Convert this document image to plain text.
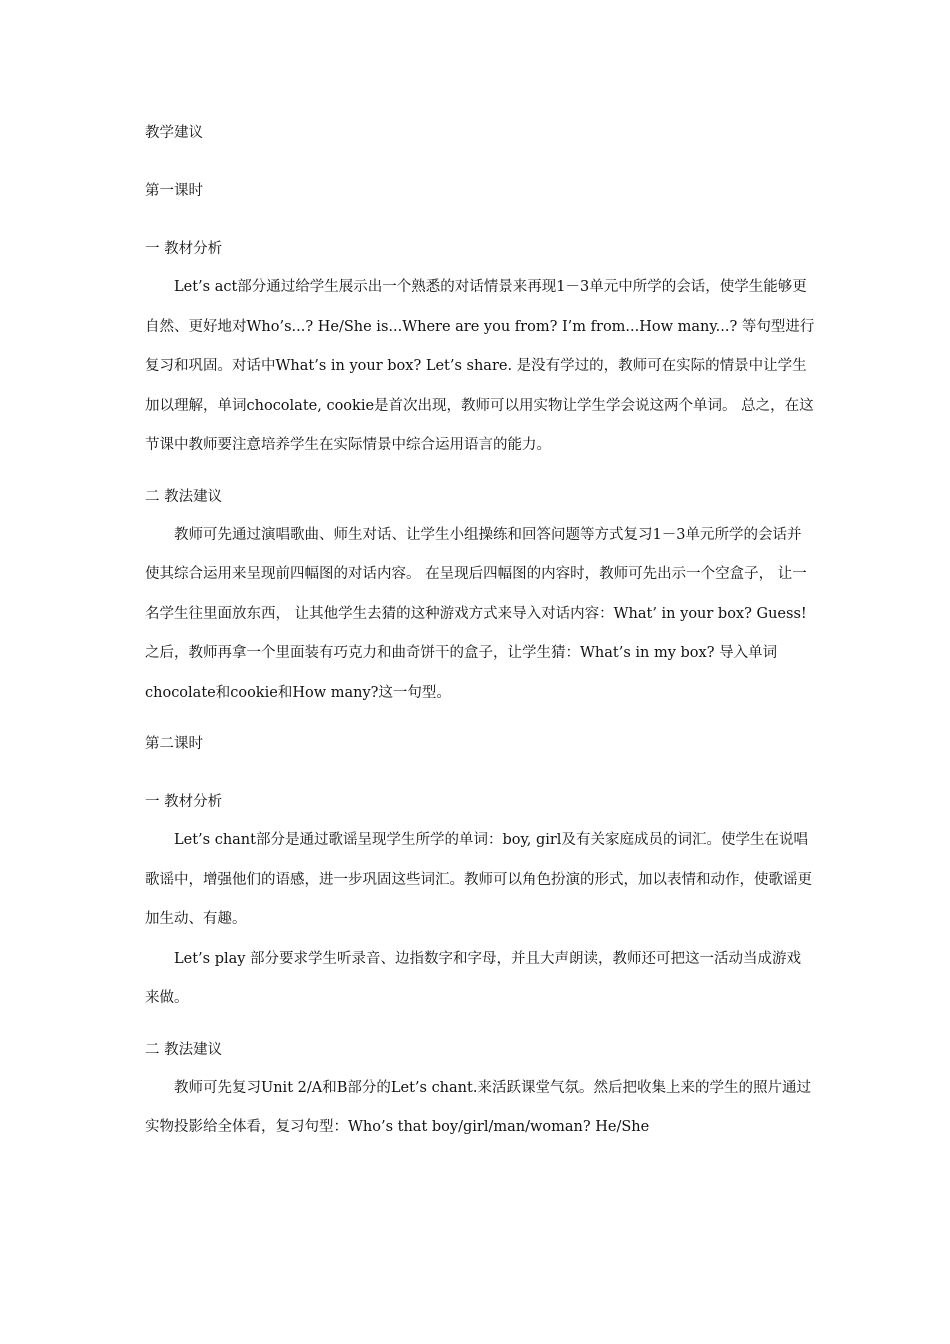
教学建议
第一课时
一 教材分析

Let’s act部分通过给学生展示出一个熟悉的对话情景来再现1－3单元中所学的会话，使学生能够更自然、更好地对Who’s...? He/She is...Where are you from? I’m from...How many...? 等句型进行复习和巩固。对话中What’s in your box? Let’s share. 是没有学过的，教师可在实际的情景中让学生加以理解，单词chocolate, cookie是首次出现，教师可以用实物让学生学会说这两个单词。 总之，在这节课中教师要注意培养学生在实际情景中综合运用语言的能力。

二 教法建议

教师可先通过演唱歌曲、师生对话、让学生小组操练和回答问题等方式复习1－3单元所学的会话并使其综合运用来呈现前四幅图的对话内容。 在呈现后四幅图的内容时，教师可先出示一个空盒子， 让一名学生往里面放东西， 让其他学生去猜的这种游戏方式来导入对话内容：What’ in your box? Guess! 之后，教师再拿一个里面装有巧克力和曲奇饼干的盒子，让学生猜：What’s in my box? 导入单词chocolate和cookie和How many?这一句型。

第二课时
一 教材分析

Let’s chant部分是通过歌谣呈现学生所学的单词：boy, girl及有关家庭成员的词汇。使学生在说唱歌谣中，增强他们的语感，进一步巩固这些词汇。教师可以角色扮演的形式，加以表情和动作，使歌谣更加生动、有趣。

Let’s play 部分要求学生听录音、边指数字和字母，并且大声朗读，教师还可把这一活动当成游戏来做。

二 教法建议

教师可先复习Unit 2/A和B部分的Let’s chant.来活跃课堂气氛。然后把收集上来的学生的照片通过实物投影给全体看，复习句型：Who’s that boy/girl/man/woman? He/She
